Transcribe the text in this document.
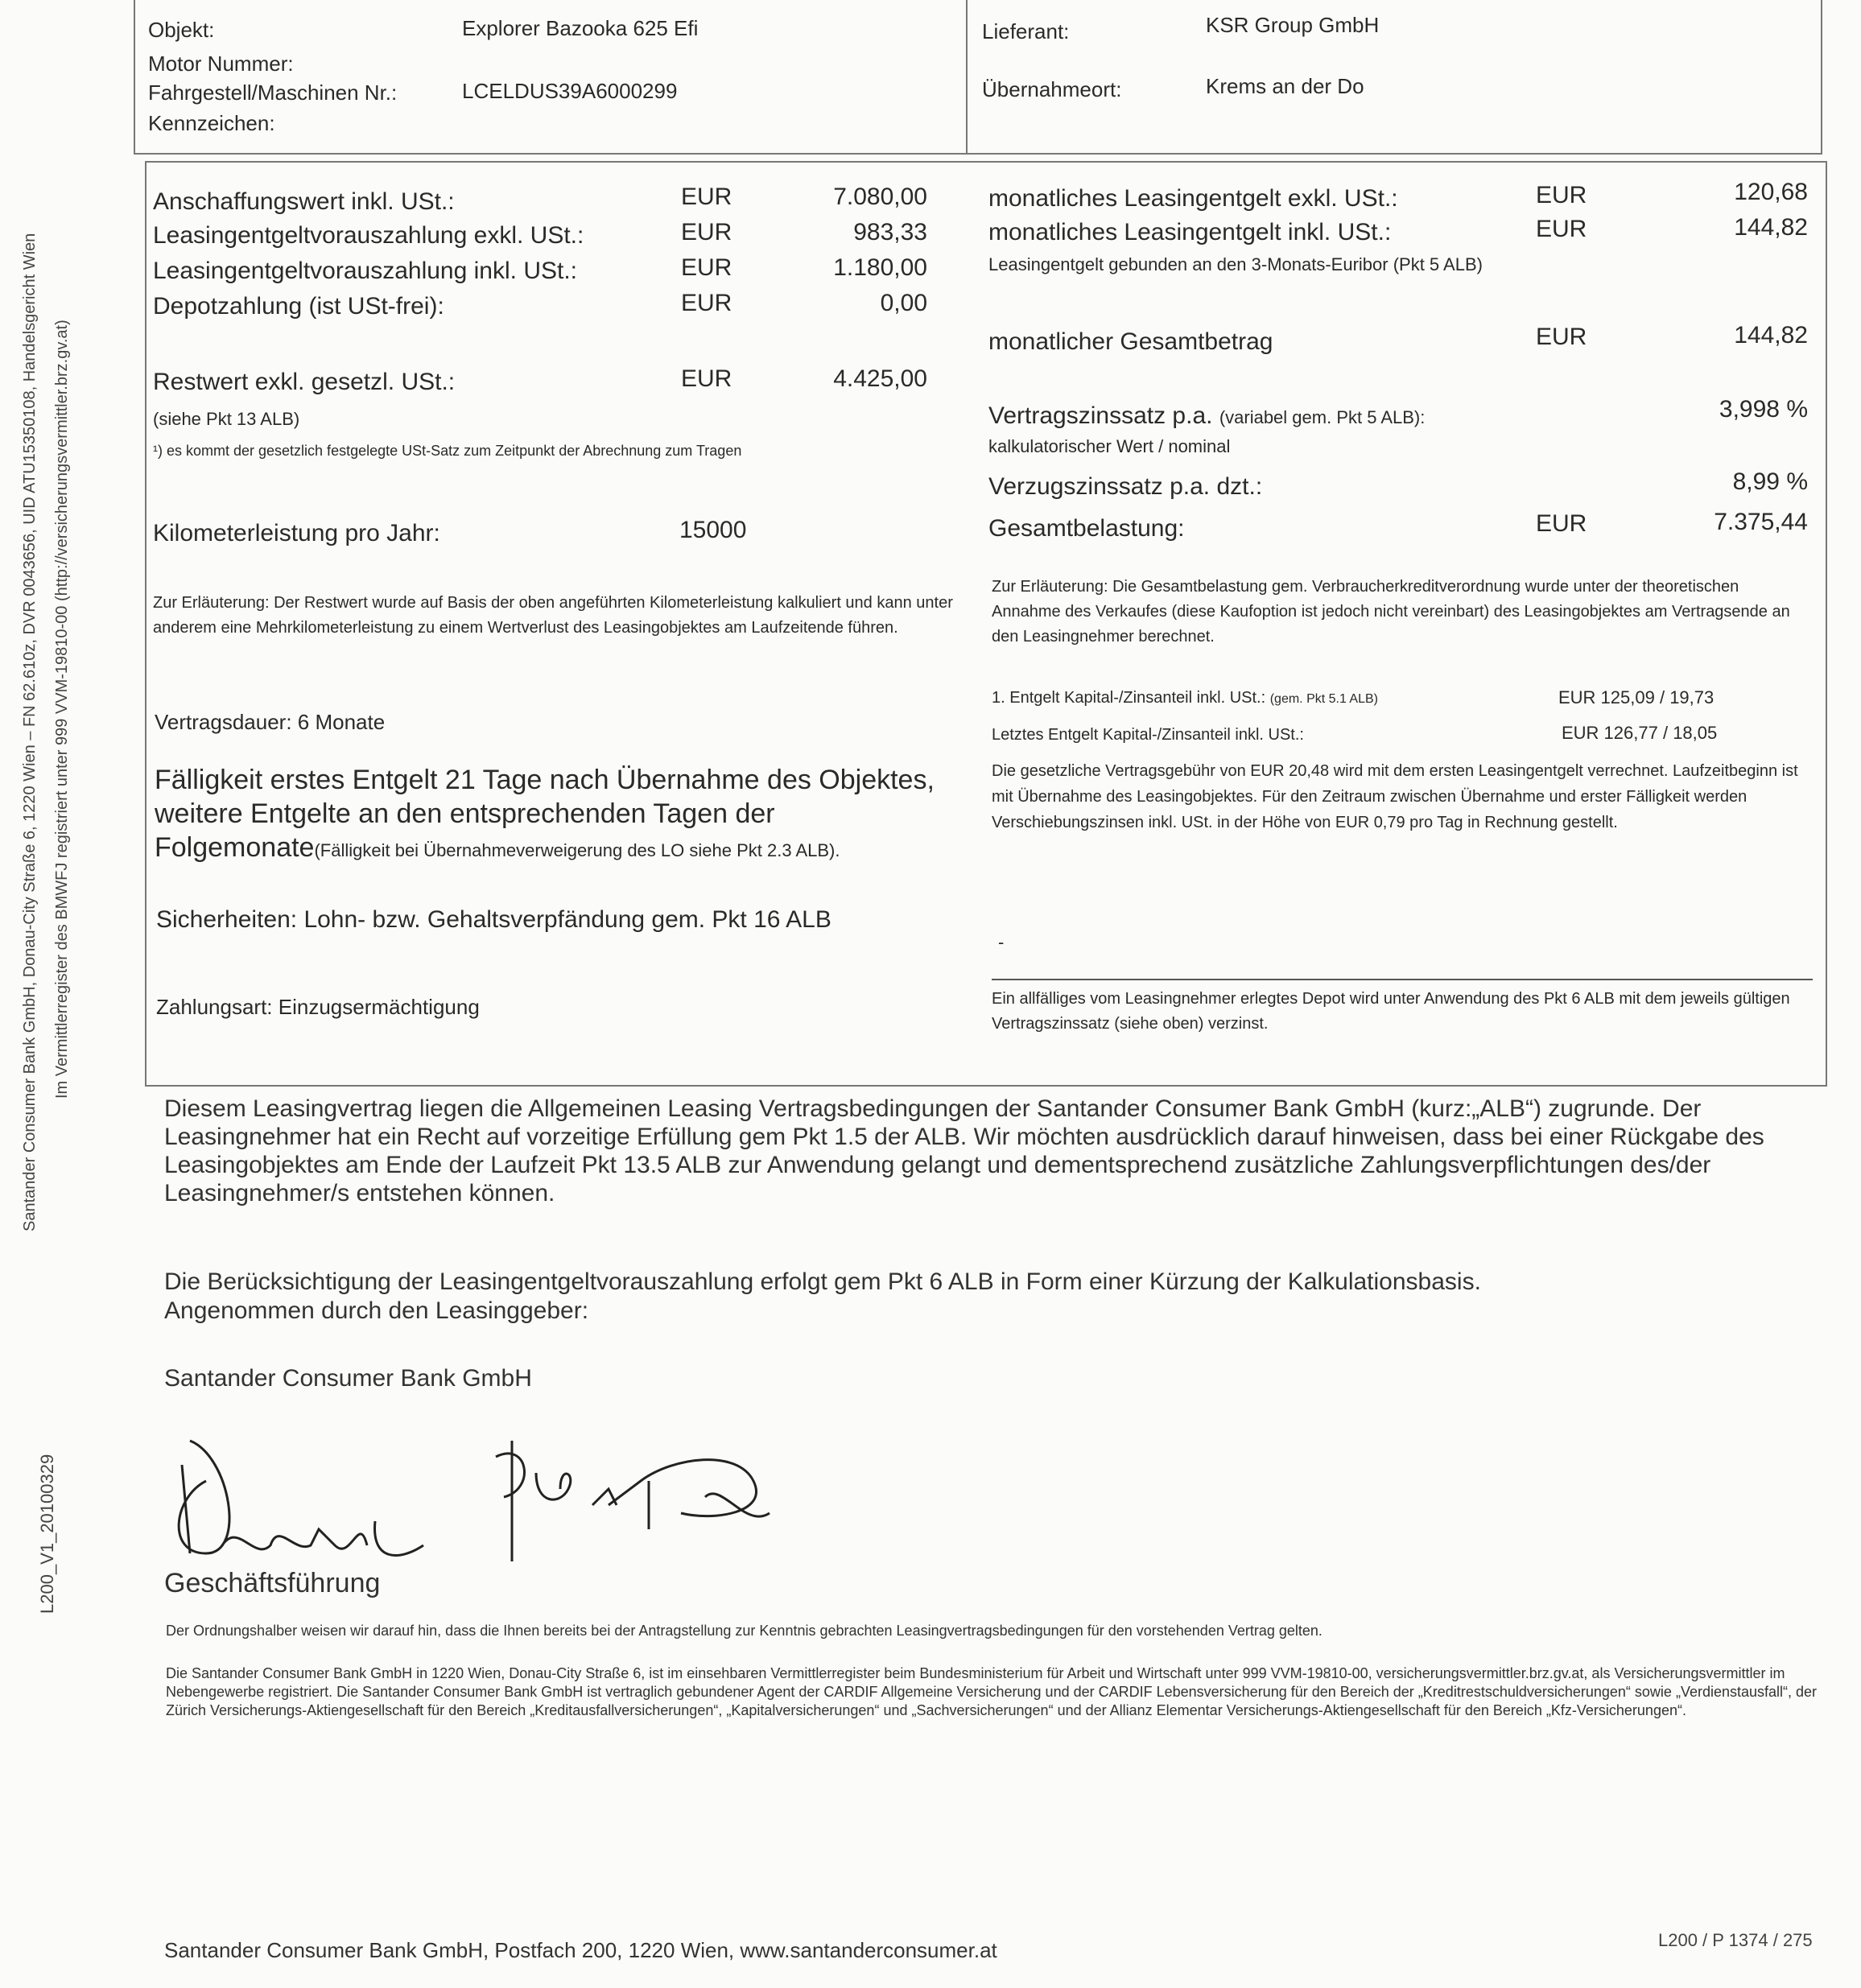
Santander Consumer Bank GmbH, Donau-City Straße 6, 1220 Wien – FN 62.610z, DVR 0043656, UID ATU15350108, Handelsgericht Wien Im Vermittlerregister des BMWFJ registriert unter 999 VVM-19810-00 (http://versicherungsvermittler.brz.gv.at)
L200_V1_20100329
Objekt:	Explorer Bazooka 625 Efi
Motor Nummer:
Fahrgestell/Maschinen Nr.:	LCELDUS39A6000299
Kennzeichen:
Lieferant:	KSR Group GmbH
Übernahmeort:	Krems an der Do
Anschaffungswert inkl. USt.:	EUR	7.080,00
Leasingentgeltvorauszahlung exkl. USt.:	EUR	983,33
Leasingentgeltvorauszahlung inkl. USt.:	EUR	1.180,00
Depotzahlung (ist USt-frei):	EUR	0,00
Restwert exkl. gesetzl. USt.:	EUR	4.425,00
(siehe Pkt 13 ALB)
¹) es kommt der gesetzlich festgelegte USt-Satz zum Zeitpunkt der Abrechnung zum Tragen
Kilometerleistung pro Jahr:	15000
Zur Erläuterung: Der Restwert wurde auf Basis der oben angeführten Kilometerleistung kalkuliert und kann unter anderem eine Mehrkilometerleistung zu einem Wertverlust des Leasingobjektes am Laufzeitende führen.
Vertragsdauer: 6 Monate
Fälligkeit erstes Entgelt 21 Tage nach Übernahme des Objektes, weitere Entgelte an den entsprechenden Tagen der Folgemonate(Fälligkeit bei Übernahmeverweigerung des LO siehe Pkt 2.3 ALB).
Sicherheiten: Lohn- bzw. Gehaltsverpfändung gem. Pkt 16 ALB
Zahlungsart: Einzugsermächtigung
monatliches Leasingentgelt exkl. USt.:	EUR	120,68
monatliches Leasingentgelt inkl. USt.:	EUR	144,82
Leasingentgelt gebunden an den 3-Monats-Euribor (Pkt 5 ALB)
monatlicher Gesamtbetrag	EUR	144,82
Vertragszinssatz p.a. (variabel gem. Pkt 5 ALB):	3,998 %
kalkulatorischer Wert / nominal
Verzugszinssatz p.a. dzt.:	8,99 %
Gesamtbelastung:	EUR	7.375,44
Zur Erläuterung: Die Gesamtbelastung gem. Verbraucherkreditverordnung wurde unter der theoretischen Annahme des Verkaufes (diese Kaufoption ist jedoch nicht vereinbart) des Leasingobjektes am Vertragsende an den Leasingnehmer berechnet.
1. Entgelt Kapital-/Zinsanteil inkl. USt.: (gem. Pkt 5.1 ALB)	EUR 125,09 / 19,73
Letztes Entgelt Kapital-/Zinsanteil inkl. USt.:	EUR 126,77 / 18,05
Die gesetzliche Vertragsgebühr von EUR 20,48 wird mit dem ersten Leasingentgelt verrechnet. Laufzeitbeginn ist mit Übernahme des Leasingobjektes. Für den Zeitraum zwischen Übernahme und erster Fälligkeit werden Verschiebungszinsen inkl. USt. in der Höhe von EUR 0,79 pro Tag in Rechnung gestellt.
-
Ein allfälliges vom Leasingnehmer erlegtes Depot wird unter Anwendung des Pkt 6 ALB mit dem jeweils gültigen Vertragszinssatz (siehe oben) verzinst.
Diesem Leasingvertrag liegen die Allgemeinen Leasing Vertragsbedingungen der Santander Consumer Bank GmbH (kurz:„ALB“) zugrunde. Der Leasingnehmer hat ein Recht auf vorzeitige Erfüllung gem Pkt 1.5 der ALB. Wir möchten ausdrücklich darauf hinweisen, dass bei einer Rückgabe des Leasingobjektes am Ende der Laufzeit Pkt 13.5 ALB zur Anwendung gelangt und dementsprechend zusätzliche Zahlungsverpflichtungen des/der Leasingnehmer/s entstehen können.
Die Berücksichtigung der Leasingentgeltvorauszahlung erfolgt gem Pkt 6 ALB in Form einer Kürzung der Kalkulationsbasis.
Angenommen durch den Leasinggeber:
Santander Consumer Bank GmbH
Geschäftsführung
Der Ordnungshalber weisen wir darauf hin, dass die Ihnen bereits bei der Antragstellung zur Kenntnis gebrachten Leasingvertragsbedingungen für den vorstehenden Vertrag gelten.
Die Santander Consumer Bank GmbH in 1220 Wien, Donau-City Straße 6, ist im einsehbaren Vermittlerregister beim Bundesministerium für Arbeit und Wirtschaft unter 999 VVM-19810-00, versicherungsvermittler.brz.gv.at, als Versicherungsvermittler im Nebengewerbe registriert. Die Santander Consumer Bank GmbH ist vertraglich gebundener Agent der CARDIF Allgemeine Versicherung und der CARDIF Lebensversicherung für den Bereich der „Kreditrestschuldversicherungen“ sowie „Verdienstausfall“, der Zürich Versicherungs-Aktiengesellschaft für den Bereich „Kreditausfallversicherungen“, „Kapitalversicherungen“ und „Sachversicherungen“ und der Allianz Elementar Versicherungs-Aktiengesellschaft für den Bereich „Kfz-Versicherungen“.
Santander Consumer Bank GmbH, Postfach 200, 1220 Wien, www.santanderconsumer.at	L200 / P 1374 / 275
